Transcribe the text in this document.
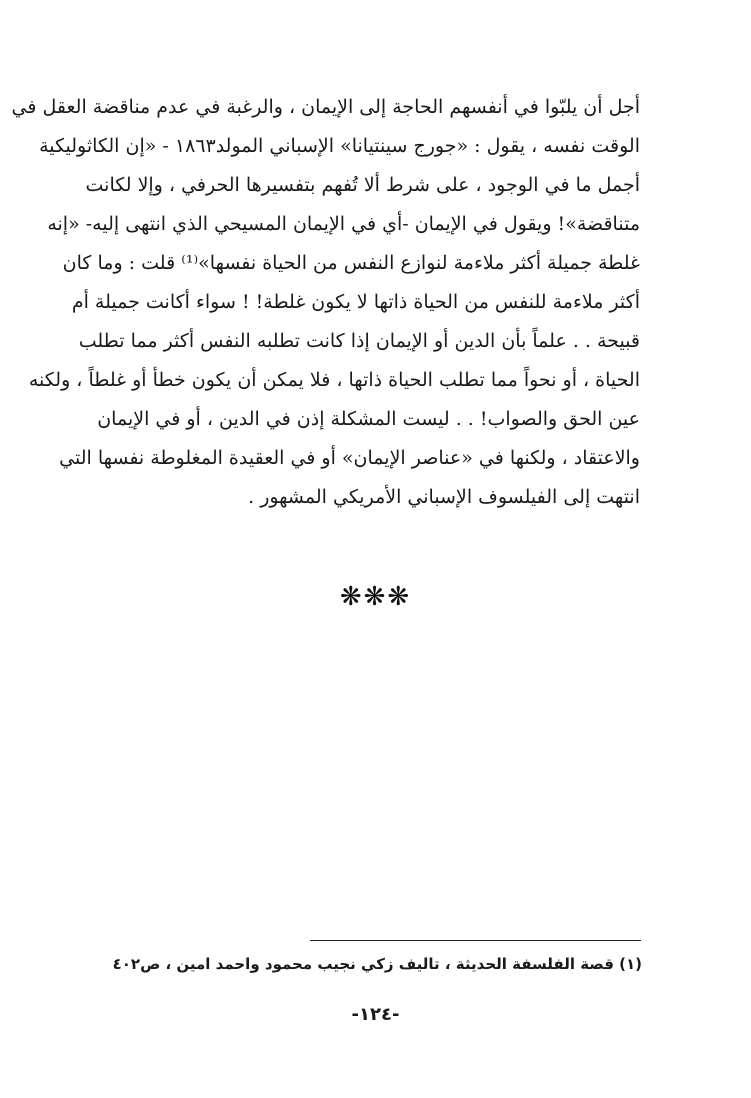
أجل أن يلبّوا في أنفسهم الحاجة إلى الإيمان ، والرغبة في عدم مناقضة العقل في
الوقت نفسه ، يقول : «جورج سينتيانا» الإسباني المولد١٨٦٣ - «إن الكاثوليكية
أجمل ما في الوجود ، على شرط ألا تُفهم بتفسيرها الحرفي ، وإلا لكانت
متناقضة»! ويقول في الإيمان -أي في الإيمان المسيحي الذي انتهى إليه- «إنه
غلطة جميلة أكثر ملاءمة لنوازع النفس من الحياة نفسها»⁽¹⁾ قلت : وما كان
أكثر ملاءمة للنفس من الحياة ذاتها لا يكون غلطة! ! سواء أكانت جميلة أم
قبيحة . . علماً بأن الدين أو الإيمان إذا كانت تطلبه النفس أكثر مما تطلب
الحياة ، أو نحواً مما تطلب الحياة ذاتها ، فلا يمكن أن يكون خطأ أو غلطاً ، ولكنه
عين الحق والصواب! . . ليست المشكلة إذن في الدين ، أو في الإيمان
والاعتقاد ، ولكنها في «عناصر الإيمان» أو في العقيدة المغلوطة نفسها التي
انتهت إلى الفيلسوف الإسباني الأمريكي المشهور .
❋❋❋
(١) قصة الفلسفة الحديثة ، تاليف زكي نجيب محمود واحمد امين ، ص٤٠٢
-١٢٤-
